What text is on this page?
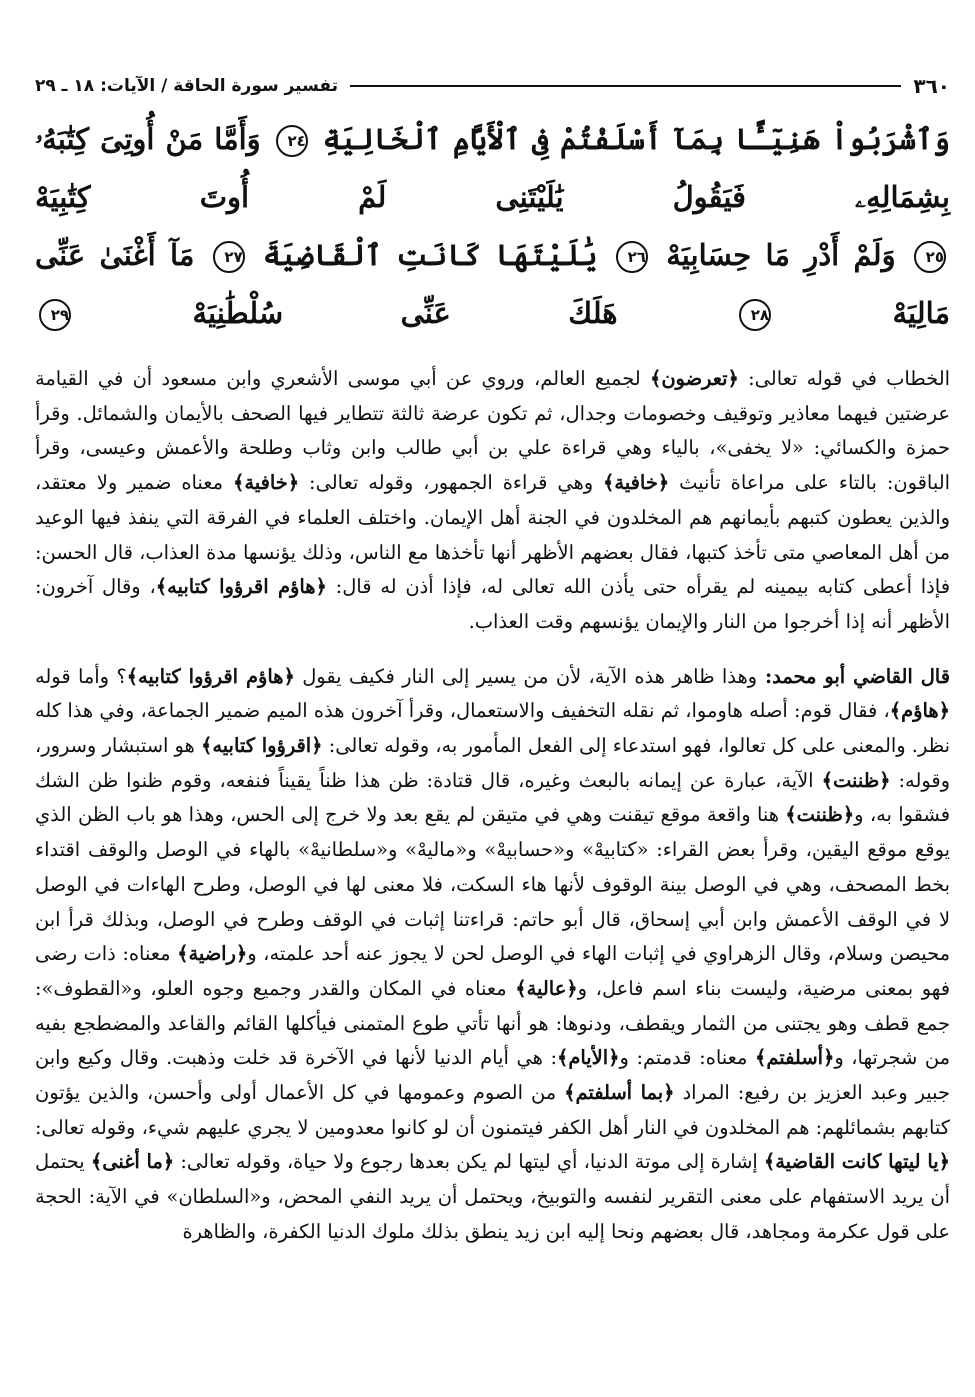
٣٦٠
تفسير سورة الحاقة / الآيات: ١٨ ـ ٢٩
وَٱشْرَبُواْ هَنِيٓـًٔا بِمَآ أَسْلَفْتُمْ فِى ٱلْأَيَّامِ ٱلْخَالِيَةِ ٢٤ وَأَمَّا مَنْ أُوتِىَ كِتَٰبَهُۥ بِشِمَالِهِۦ فَيَقُولُ يَٰلَيْتَنِى لَمْ أُوتَ كِتَٰبِيَهْ
٢٥ وَلَمْ أَدْرِ مَا حِسَابِيَهْ ٢٦ يَٰلَيْتَهَا كَانَتِ ٱلْقَاضِيَةَ ٢٧ مَآ أَغْنَىٰ عَنِّى مَالِيَهْ ٢٨ هَلَكَ عَنِّى سُلْطَٰنِيَهْ ٢٩

الخطاب في قوله تعالى: ﴿تعرضون﴾ لجميع العالم، وروي عن أبي موسى الأشعري وابن مسعود أن في القيامة عرضتين فيهما معاذير وتوقيف وخصومات وجدال، ثم تكون عرضة ثالثة تتطاير فيها الصحف بالأيمان والشمائل. وقرأ حمزة والكسائي: «لا يخفى»، بالياء وهي قراءة علي بن أبي طالب وابن وثاب وطلحة والأعمش وعيسى، وقرأ الباقون: بالتاء على مراعاة تأنيث ﴿خافية﴾ وهي قراءة الجمهور، وقوله تعالى: ﴿خافية﴾ معناه ضمير ولا معتقد، والذين يعطون كتبهم بأيمانهم هم المخلدون في الجنة أهل الإيمان. واختلف العلماء في الفرقة التي ينفذ فيها الوعيد من أهل المعاصي متى تأخذ كتبها، فقال بعضهم الأظهر أنها تأخذها مع الناس، وذلك يؤنسها مدة العذاب، قال الحسن: فإذا أعطى كتابه بيمينه لم يقرأه حتى يأذن الله تعالى له، فإذا أذن له قال: ﴿هاؤم اقرؤوا كتابيه﴾، وقال آخرون: الأظهر أنه إذا أخرجوا من النار والإيمان يؤنسهم وقت العذاب.

قال القاضي أبو محمد: وهذا ظاهر هذه الآية، لأن من يسير إلى النار فكيف يقول ﴿هاؤم اقرؤوا كتابيه﴾؟ وأما قوله ﴿هاؤم﴾، فقال قوم: أصله هاوموا، ثم نقله التخفيف والاستعمال، وقرأ آخرون هذه الميم ضمير الجماعة، وفي هذا كله نظر. والمعنى على كل تعالوا، فهو استدعاء إلى الفعل المأمور به، وقوله تعالى: ﴿اقرؤوا كتابيه﴾ هو استبشار وسرور، وقوله: ﴿ظننت﴾ الآية، عبارة عن إيمانه بالبعث وغيره، قال قتادة: ظن هذا ظناً يقيناً فنفعه، وقوم ظنوا ظن الشك فشقوا به، و﴿ظننت﴾ هنا واقعة موقع تيقنت وهي في متيقن لم يقع بعد ولا خرج إلى الحس، وهذا هو باب الظن الذي يوقع موقع اليقين، وقرأ بعض القراء: «كتابيهْ» و«حسابيهْ» و«ماليهْ» و«سلطانيهْ» بالهاء في الوصل والوقف اقتداء بخط المصحف، وهي في الوصل بينة الوقوف لأنها هاء السكت، فلا معنى لها في الوصل، وطرح الهاءات في الوصل لا في الوقف الأعمش وابن أبي إسحاق، قال أبو حاتم: قراءتنا إثبات في الوقف وطرح في الوصل، وبذلك قرأ ابن محيصن وسلام، وقال الزهراوي في إثبات الهاء في الوصل لحن لا يجوز عنه أحد علمته، و﴿راضية﴾ معناه: ذات رضى فهو بمعنى مرضية، وليست بناء اسم فاعل، و﴿عالية﴾ معناه في المكان والقدر وجميع وجوه العلو، و«القطوف»: جمع قطف وهو يجتنى من الثمار ويقطف، ودنوها: هو أنها تأتي طوع المتمنى فيأكلها القائم والقاعد والمضطجع بفيه من شجرتها، و﴿أسلفتم﴾ معناه: قدمتم: و﴿الأيام﴾: هي أيام الدنيا لأنها في الآخرة قد خلت وذهبت. وقال وكيع وابن جبير وعبد العزيز بن رفيع: المراد ﴿بما أسلفتم﴾ من الصوم وعمومها في كل الأعمال أولى وأحسن، والذين يؤتون كتابهم بشمائلهم: هم المخلدون في النار أهل الكفر فيتمنون أن لو كانوا معدومين لا يجري عليهم شيء، وقوله تعالى: ﴿يا ليتها كانت القاضية﴾ إشارة إلى موتة الدنيا، أي ليتها لم يكن بعدها رجوع ولا حياة، وقوله تعالى: ﴿ما أغنى﴾ يحتمل أن يريد الاستفهام على معنى التقرير لنفسه والتوبيخ، ويحتمل أن يريد النفي المحض، و«السلطان» في الآية: الحجة على قول عكرمة ومجاهد، قال بعضهم ونحا إليه ابن زيد ينطق بذلك ملوك الدنيا الكفرة، والظاهرة
